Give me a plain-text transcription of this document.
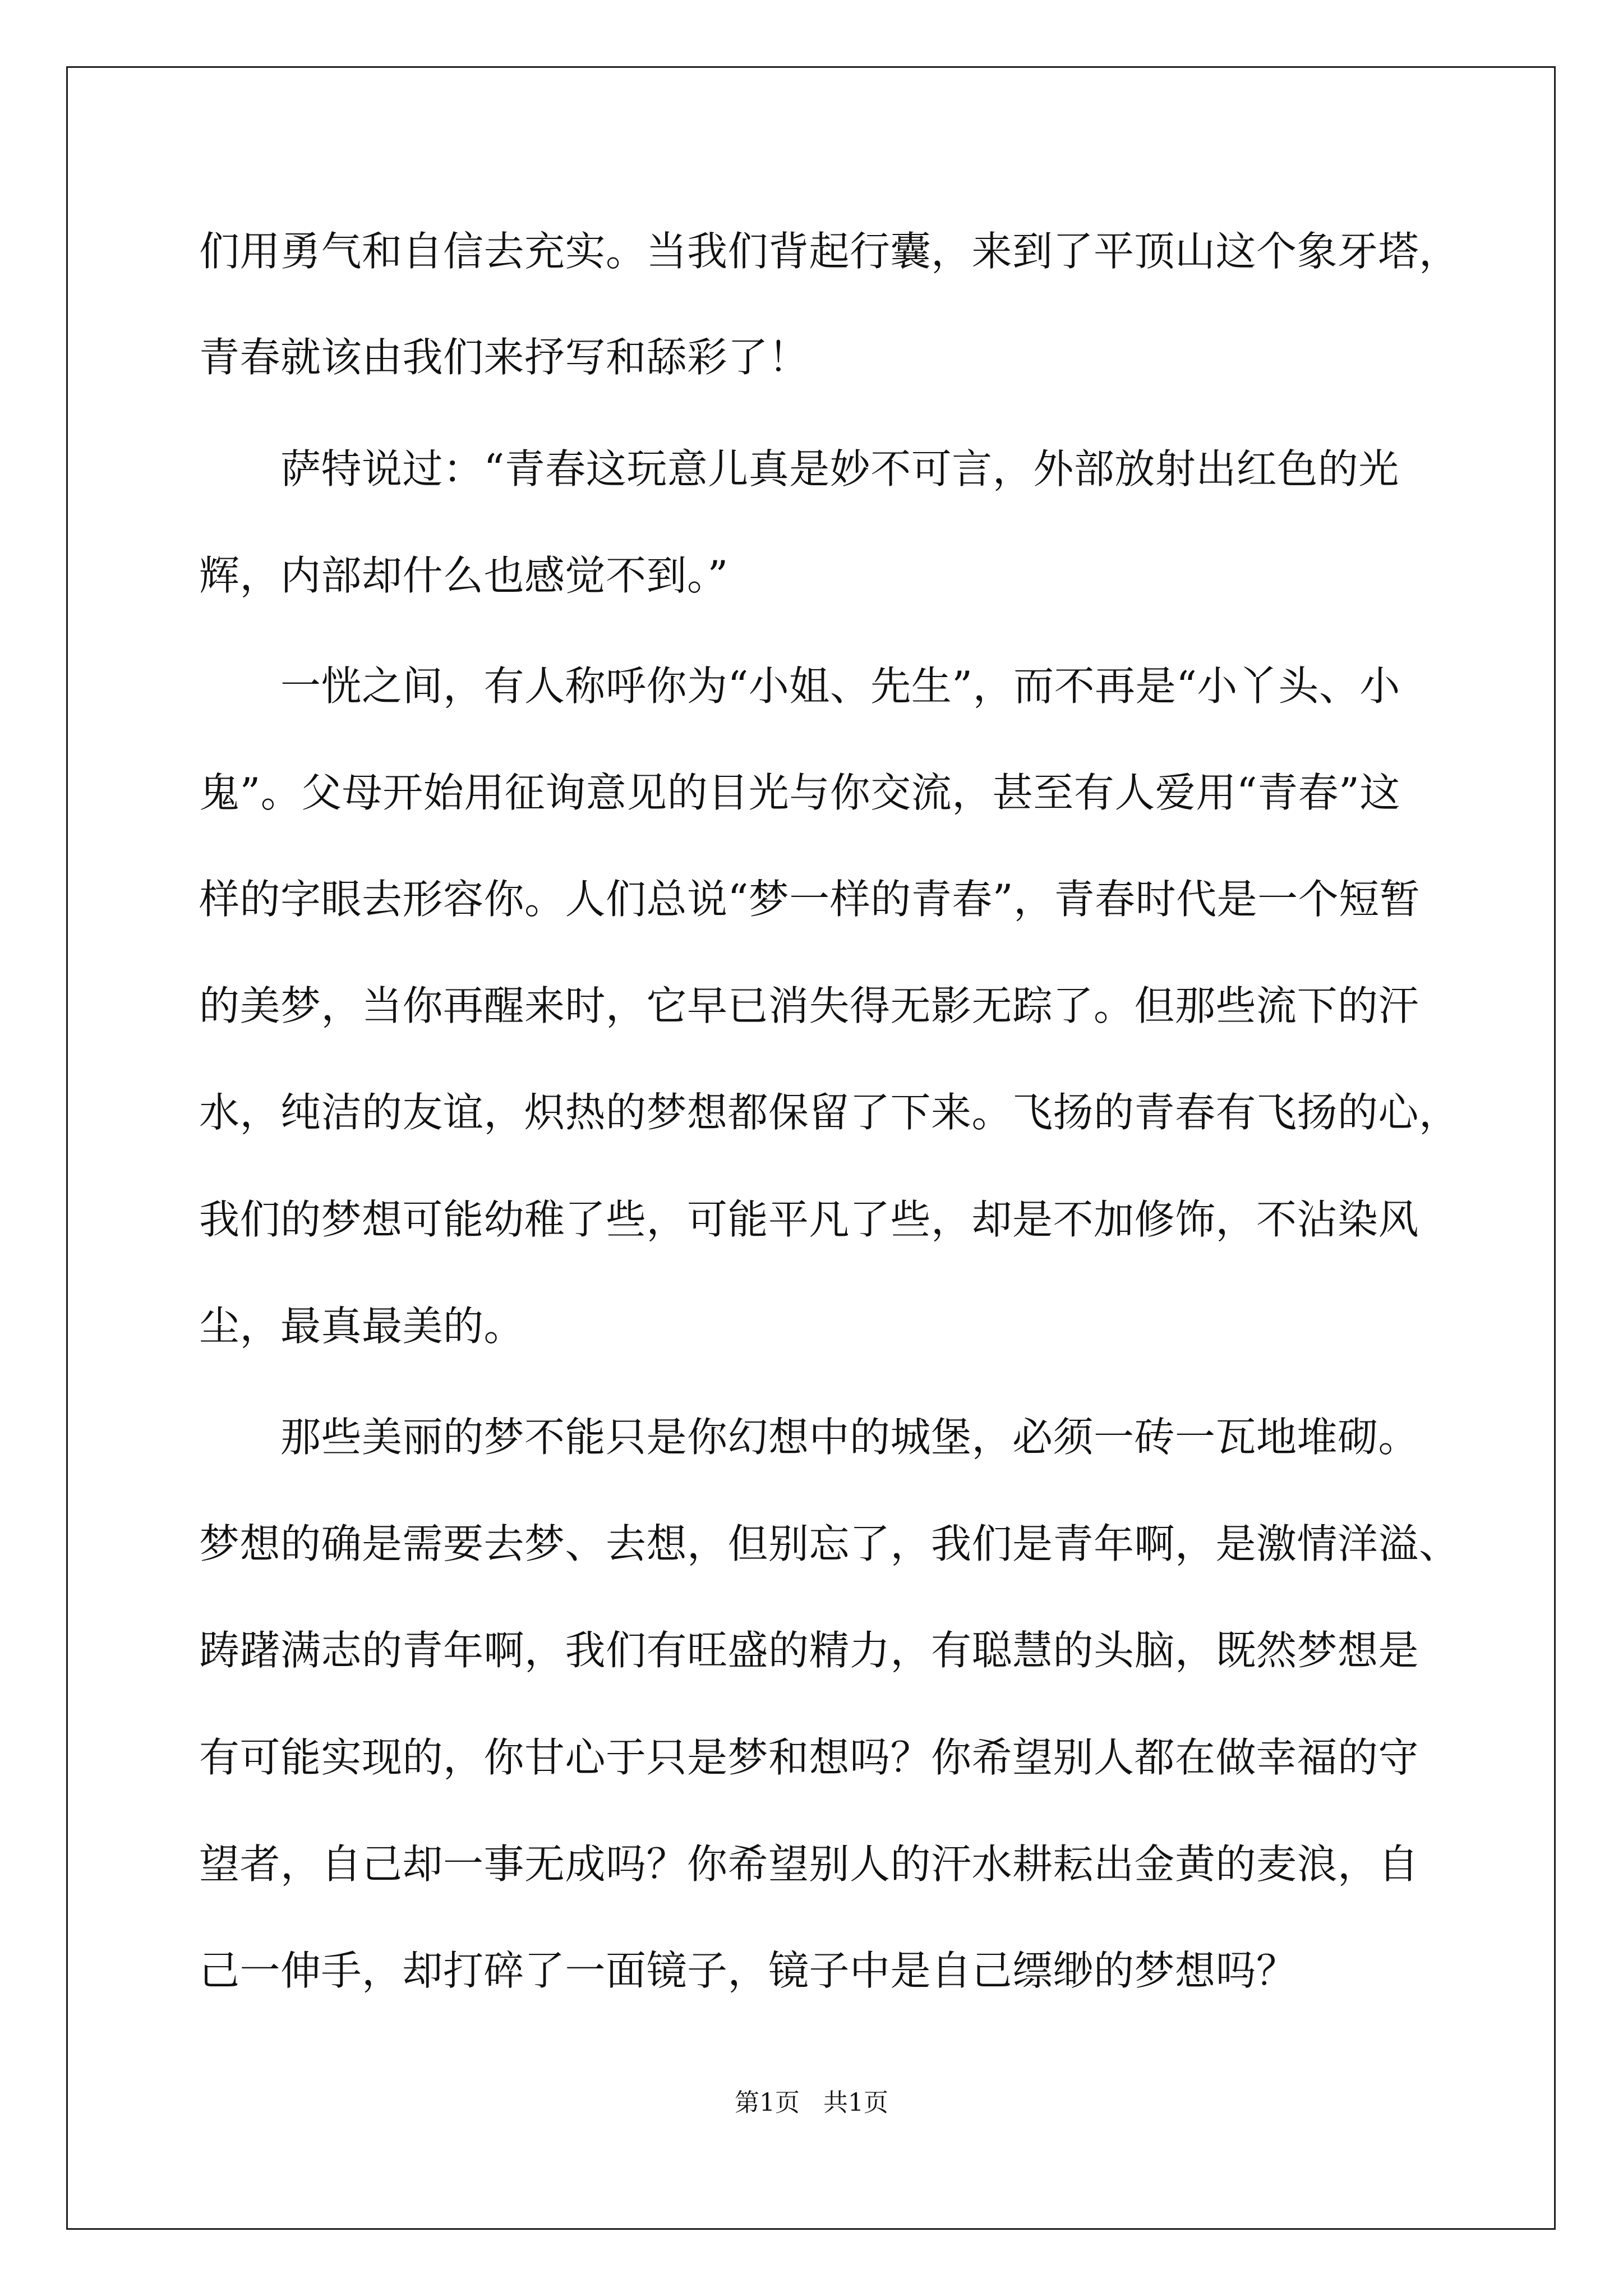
们用勇气和自信去充实。当我们背起行囊，来到了平顶山这个象牙塔，

青春就该由我们来抒写和舔彩了！

　　萨特说过：“青春这玩意儿真是妙不可言，外部放射出红色的光

辉，内部却什么也感觉不到。”

　　一恍之间，有人称呼你为“小姐、先生”，而不再是“小丫头、小

鬼”。父母开始用征询意见的目光与你交流，甚至有人爱用“青春”这

样的字眼去形容你。人们总说“梦一样的青春”，青春时代是一个短暂

的美梦，当你再醒来时，它早已消失得无影无踪了。但那些流下的汗

水，纯洁的友谊，炽热的梦想都保留了下来。飞扬的青春有飞扬的心，

我们的梦想可能幼稚了些，可能平凡了些，却是不加修饰，不沾染风

尘，最真最美的。

　　那些美丽的梦不能只是你幻想中的城堡，必须一砖一瓦地堆砌。

梦想的确是需要去梦、去想，但别忘了，我们是青年啊，是激情洋溢、

踌躇满志的青年啊，我们有旺盛的精力，有聪慧的头脑，既然梦想是

有可能实现的，你甘心于只是梦和想吗？你希望别人都在做幸福的守

望者，自己却一事无成吗？你希望别人的汗水耕耘出金黄的麦浪，自

己一伸手，却打碎了一面镜子，镜子中是自己缥缈的梦想吗？

第1页   共1页
